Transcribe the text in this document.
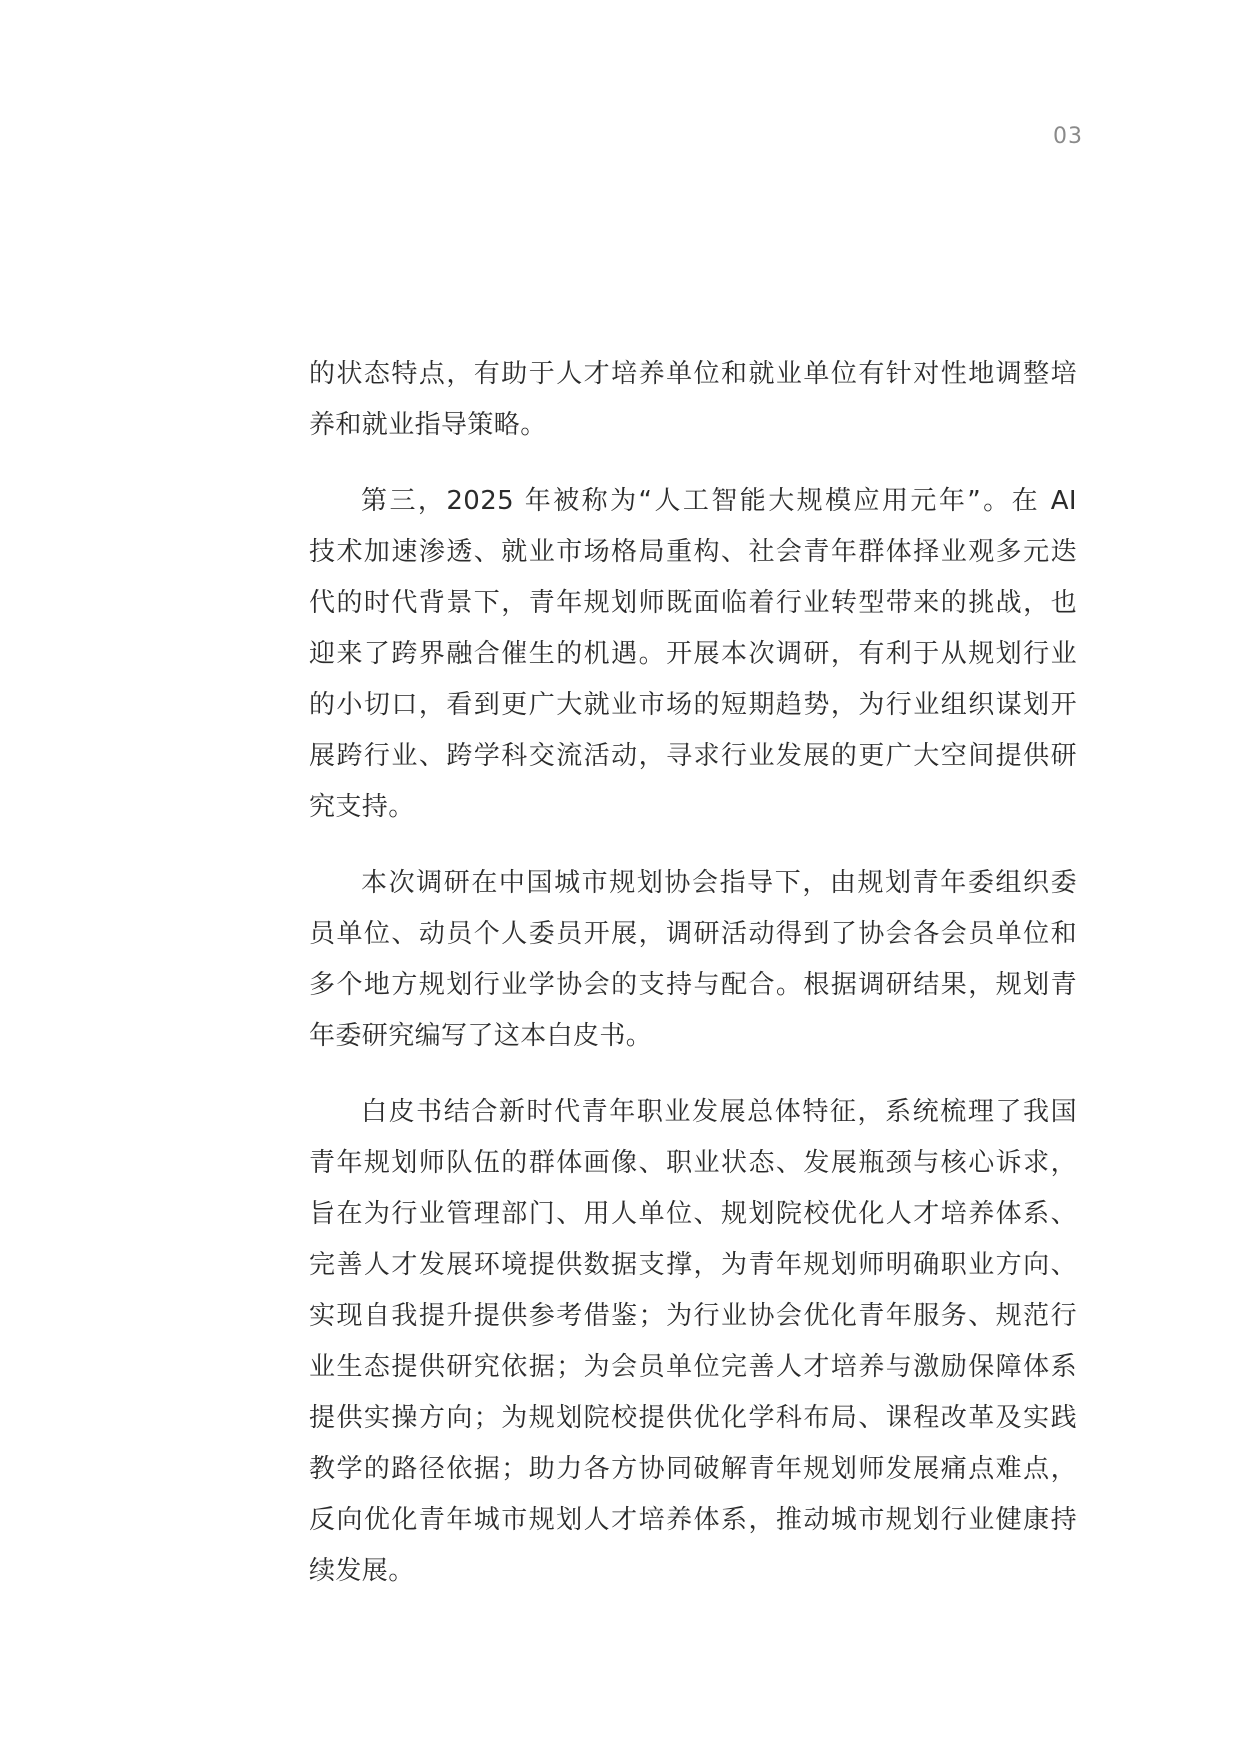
03
的状态特点，有助于人才培养单位和就业单位有针对性地调整培
养和就业指导策略。
第三，2025 年被称为“人工智能大规模应用元年”。在 AI
技术加速渗透、就业市场格局重构、社会青年群体择业观多元迭
代的时代背景下，青年规划师既面临着行业转型带来的挑战，也
迎来了跨界融合催生的机遇。开展本次调研，有利于从规划行业
的小切口，看到更广大就业市场的短期趋势，为行业组织谋划开
展跨行业、跨学科交流活动，寻求行业发展的更广大空间提供研
究支持。
本次调研在中国城市规划协会指导下，由规划青年委组织委
员单位、动员个人委员开展，调研活动得到了协会各会员单位和
多个地方规划行业学协会的支持与配合。根据调研结果，规划青
年委研究编写了这本白皮书。
白皮书结合新时代青年职业发展总体特征，系统梳理了我国
青年规划师队伍的群体画像、职业状态、发展瓶颈与核心诉求，
旨在为行业管理部门、用人单位、规划院校优化人才培养体系、
完善人才发展环境提供数据支撑，为青年规划师明确职业方向、
实现自我提升提供参考借鉴；为行业协会优化青年服务、规范行
业生态提供研究依据；为会员单位完善人才培养与激励保障体系
提供实操方向；为规划院校提供优化学科布局、课程改革及实践
教学的路径依据；助力各方协同破解青年规划师发展痛点难点，
反向优化青年城市规划人才培养体系，推动城市规划行业健康持
续发展。
